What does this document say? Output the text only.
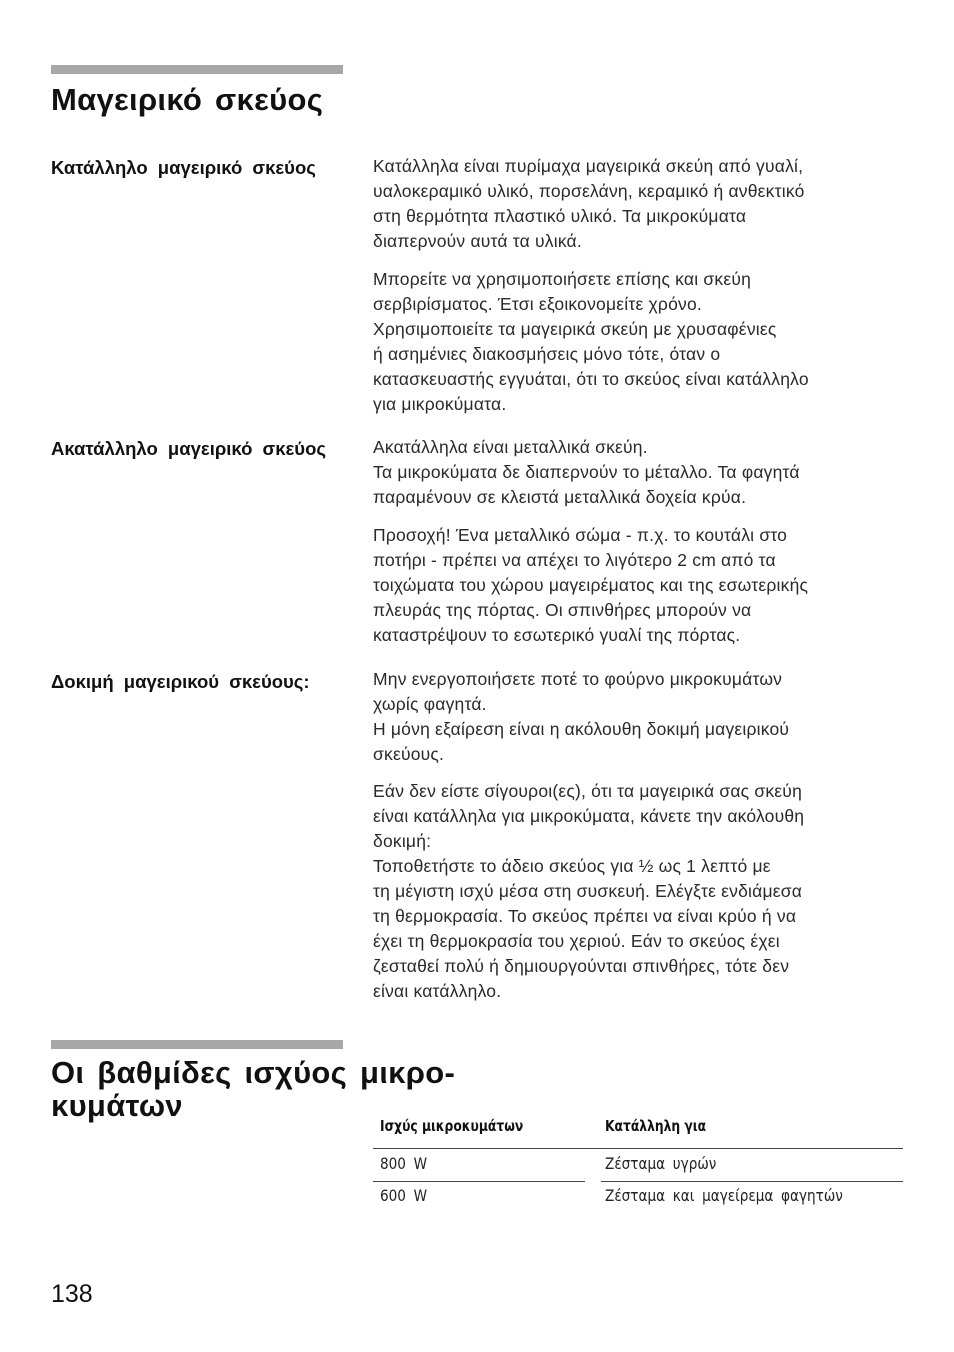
Μαγειρικό σκεύος
Κατάλληλο μαγειρικό σκεύος	Κατάλληλα είναι πυρίμαχα μαγειρικά σκεύη από γυαλί,
υαλοκεραμικό υλικό, πορσελάνη, κεραμικό ή ανθεκτικό
στη θερμότητα πλαστικό υλικό. Τα μικροκύματα
διαπερνούν αυτά τα υλικά.

Μπορείτε να χρησιμοποιήσετε επίσης και σκεύη
σερβιρίσματος. Έτσι εξοικονομείτε χρόνο.
Χρησιμοποιείτε τα μαγειρικά σκεύη με χρυσαφένιες
ή ασημένιες διακοσμήσεις μόνο τότε, όταν ο
κατασκευαστής εγγυάται, ότι το σκεύος είναι κατάλληλο
για μικροκύματα.

Ακατάλληλο μαγειρικό σκεύος	Ακατάλληλα είναι μεταλλικά σκεύη.
Τα μικροκύματα δε διαπερνούν το μέταλλο. Τα φαγητά
παραμένουν σε κλειστά μεταλλικά δοχεία κρύα.

Προσοχή! Ένα μεταλλικό σώμα - π.χ. το κουτάλι στο
ποτήρι - πρέπει να απέχει το λιγότερο 2 cm από τα
τοιχώματα του χώρου μαγειρέματος και της εσωτερικής
πλευράς της πόρτας. Οι σπινθήρες μπορούν να
καταστρέψουν το εσωτερικό γυαλί της πόρτας.

Δοκιμή μαγειρικού σκεύους:	Μην ενεργοποιήσετε ποτέ το φούρνο μικροκυμάτων
χωρίς φαγητά.
Η μόνη εξαίρεση είναι η ακόλουθη δοκιμή μαγειρικού
σκεύους.

Εάν δεν είστε σίγουροι(ες), ότι τα μαγειρικά σας σκεύη
είναι κατάλληλα για μικροκύματα, κάνετε την ακόλουθη
δοκιμή:
Τοποθετήστε το άδειο σκεύος για ½ ως 1 λεπτό με
τη μέγιστη ισχύ μέσα στη συσκευή. Ελέγξτε ενδιάμεσα
τη θερμοκρασία. Το σκεύος πρέπει να είναι κρύο ή να
έχει τη θερμοκρασία του χεριού. Εάν το σκεύος έχει
ζεσταθεί πολύ ή δημιουργούνται σπινθήρες, τότε δεν
είναι κατάλληλο.

Οι βαθμίδες ισχύος μικρο-
κυμάτων
Ισχύς μικροκυμάτων	Κατάλληλη για
800 W	Ζέσταμα υγρών
600 W	Ζέσταμα και μαγείρεμα φαγητών
138
